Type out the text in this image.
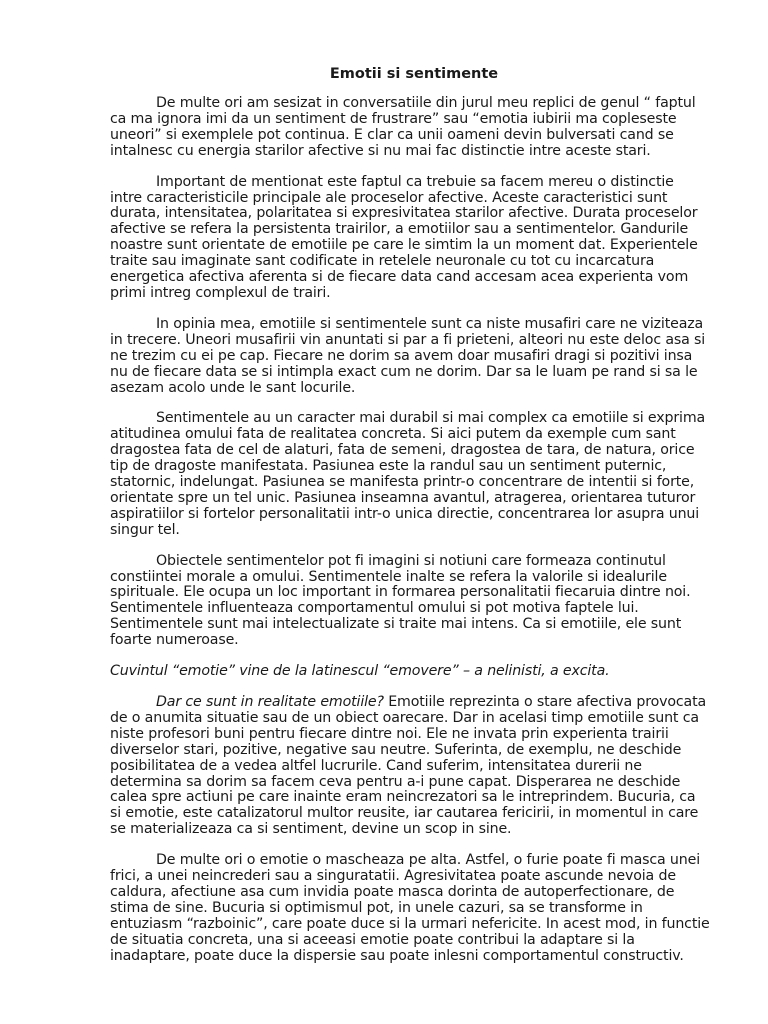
Emotii si sentimente

De multe ori am sesizat in conversatiile din jurul meu replici de genul “ faptul ca ma ignora imi da un sentiment de frustrare” sau “emotia iubirii ma copleseste uneori” si exemplele pot continua. E clar ca unii oameni devin bulversati cand se intalnesc cu energia starilor afective si nu mai fac distinctie intre aceste stari.

Important de mentionat este faptul ca trebuie sa facem mereu o distinctie intre caracteristicile principale ale proceselor afective. Aceste caracteristici sunt durata, intensitatea, polaritatea si expresivitatea starilor afective. Durata proceselor afective se refera la persistenta trairilor, a emotiilor sau a sentimentelor. Gandurile noastre sunt orientate de emotiile pe care le simtim la un moment dat. Experientele traite sau imaginate sant codificate in retelele neuronale cu tot cu incarcatura energetica afectiva aferenta si de fiecare data cand accesam acea experienta vom primi intreg complexul de trairi.

In opinia mea, emotiile si sentimentele sunt ca niste musafiri care ne viziteaza in trecere. Uneori musafirii vin anuntati si par a fi prieteni, alteori nu este deloc asa si ne trezim cu ei pe cap. Fiecare ne dorim sa avem doar musafiri dragi si pozitivi insa nu de fiecare data se si intimpla exact cum ne dorim. Dar sa le luam pe rand si sa le asezam acolo unde le sant locurile.

Sentimentele au un caracter mai durabil si mai complex ca emotiile si exprima atitudinea omului fata de realitatea concreta. Si aici putem da exemple cum sant dragostea fata de cel de alaturi, fata de semeni, dragostea de tara, de natura, orice tip de dragoste manifestata. Pasiunea este la randul sau un sentiment puternic, statornic, indelungat. Pasiunea se manifesta printr-o concentrare de intentii si forte, orientate spre un tel unic. Pasiunea inseamna avantul, atragerea, orientarea tuturor aspiratiilor si fortelor personalitatii intr-o unica directie, concentrarea lor asupra unui singur tel.

Obiectele sentimentelor pot fi imagini si notiuni care formeaza continutul constiintei morale a omului. Sentimentele inalte se refera la valorile si idealurile spirituale. Ele ocupa un loc important in formarea personalitatii fiecaruia dintre noi. Sentimentele influenteaza comportamentul omului si pot motiva faptele lui. Sentimentele sunt mai intelectualizate si traite mai intens. Ca si emotiile, ele sunt foarte numeroase.

Cuvintul “emotie” vine de la latinescul “emovere” – a nelinisti, a excita.

Dar ce sunt in realitate emotiile? Emotiile reprezinta o stare afectiva provocata de o anumita situatie sau de un obiect oarecare. Dar in acelasi timp emotiile sunt ca niste profesori buni pentru fiecare dintre noi. Ele ne invata prin experienta trairii diverselor stari, pozitive, negative sau neutre. Suferinta, de exemplu, ne deschide posibilitatea de a vedea altfel lucrurile. Cand suferim, intensitatea durerii ne determina sa dorim sa facem ceva pentru a-i pune capat. Disperarea ne deschide calea spre actiuni pe care inainte eram neincrezatori sa le intreprindem. Bucuria, ca si emotie, este catalizatorul multor reusite, iar cautarea fericirii, in momentul in care se materializeaza ca si sentiment, devine un scop in sine.

De multe ori o emotie o mascheaza pe alta. Astfel, o furie poate fi masca unei frici, a unei neincrederi sau a singuratatii. Agresivitatea poate ascunde nevoia de caldura, afectiune asa cum invidia poate masca dorinta de autoperfectionare, de stima de sine. Bucuria si optimismul pot, in unele cazuri, sa se transforme in entuziasm “razboinic”, care poate duce si la urmari nefericite. In acest mod, in functie de situatia concreta, una si aceeasi emotie poate contribui la adaptare si la inadaptare, poate duce la dispersie sau poate inlesni comportamentul constructiv.
